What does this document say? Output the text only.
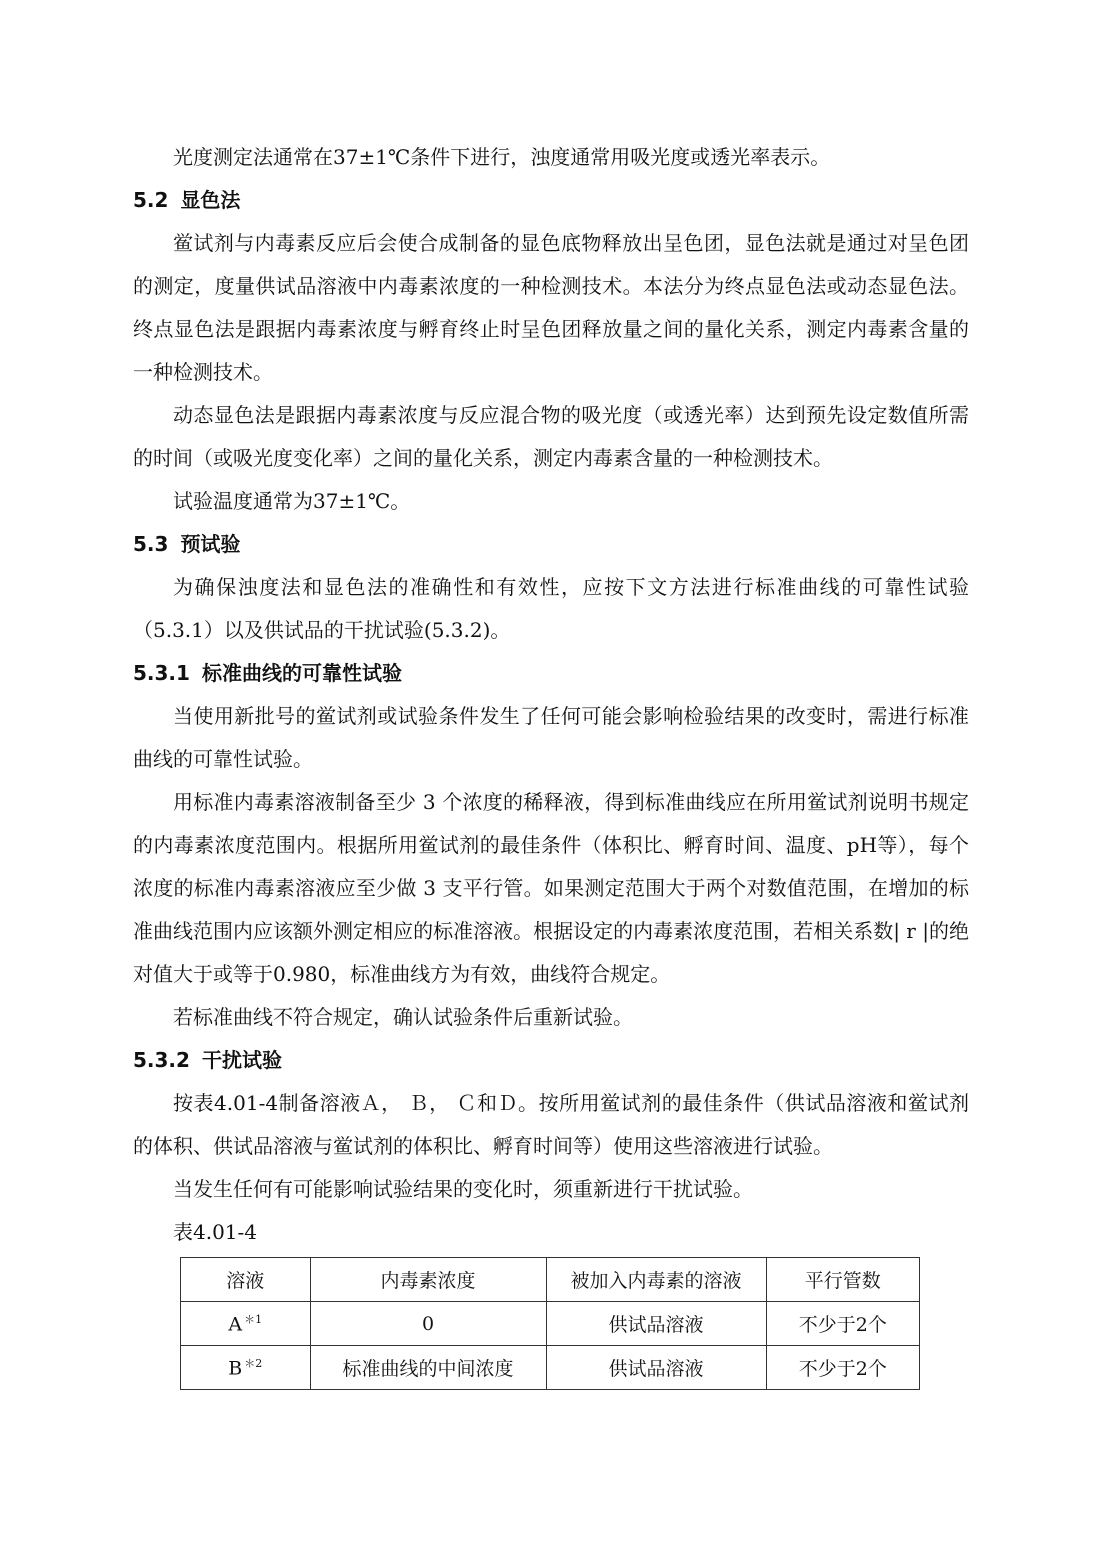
光度测定法通常在37±1℃条件下进行，浊度通常用吸光度或透光率表示。

5.2 显色法

鲎试剂与内毒素反应后会使合成制备的显色底物释放出呈色团，显色法就是通过对呈色团的测定，度量供试品溶液中内毒素浓度的一种检测技术。本法分为终点显色法或动态显色法。终点显色法是跟据内毒素浓度与孵育终止时呈色团释放量之间的量化关系，测定内毒素含量的一种检测技术。

动态显色法是跟据内毒素浓度与反应混合物的吸光度（或透光率）达到预先设定数值所需的时间（或吸光度变化率）之间的量化关系，测定内毒素含量的一种检测技术。

试验温度通常为37±1℃。

5.3 预试验

为确保浊度法和显色法的准确性和有效性，应按下文方法进行标准曲线的可靠性试验（5.3.1）以及供试品的干扰试验(5.3.2)。

5.3.1 标准曲线的可靠性试验

当使用新批号的鲎试剂或试验条件发生了任何可能会影响检验结果的改变时，需进行标准曲线的可靠性试验。

用标准内毒素溶液制备至少 3 个浓度的稀释液，得到标准曲线应在所用鲎试剂说明书规定的内毒素浓度范围内。根据所用鲎试剂的最佳条件（体积比、孵育时间、温度、pH等），每个浓度的标准内毒素溶液应至少做 3 支平行管。如果测定范围大于两个对数值范围，在增加的标准曲线范围内应该额外测定相应的标准溶液。根据设定的内毒素浓度范围，若相关系数| r |的绝对值大于或等于0.980，标准曲线方为有效，曲线符合规定。

若标准曲线不符合规定，确认试验条件后重新试验。

5.3.2 干扰试验

按表4.01-4制备溶液Ａ， Ｂ， Ｃ和Ｄ。按所用鲎试剂的最佳条件（供试品溶液和鲎试剂的体积、供试品溶液与鲎试剂的体积比、孵育时间等）使用这些溶液进行试验。

当发生任何有可能影响试验结果的变化时，须重新进行干扰试验。

表4.01-4

溶液	内毒素浓度	被加入内毒素的溶液	平行管数
A $^{*1}$	0	供试品溶液	不少于2个
B $^{*2}$	标准曲线的中间浓度	供试品溶液	不少于2个
